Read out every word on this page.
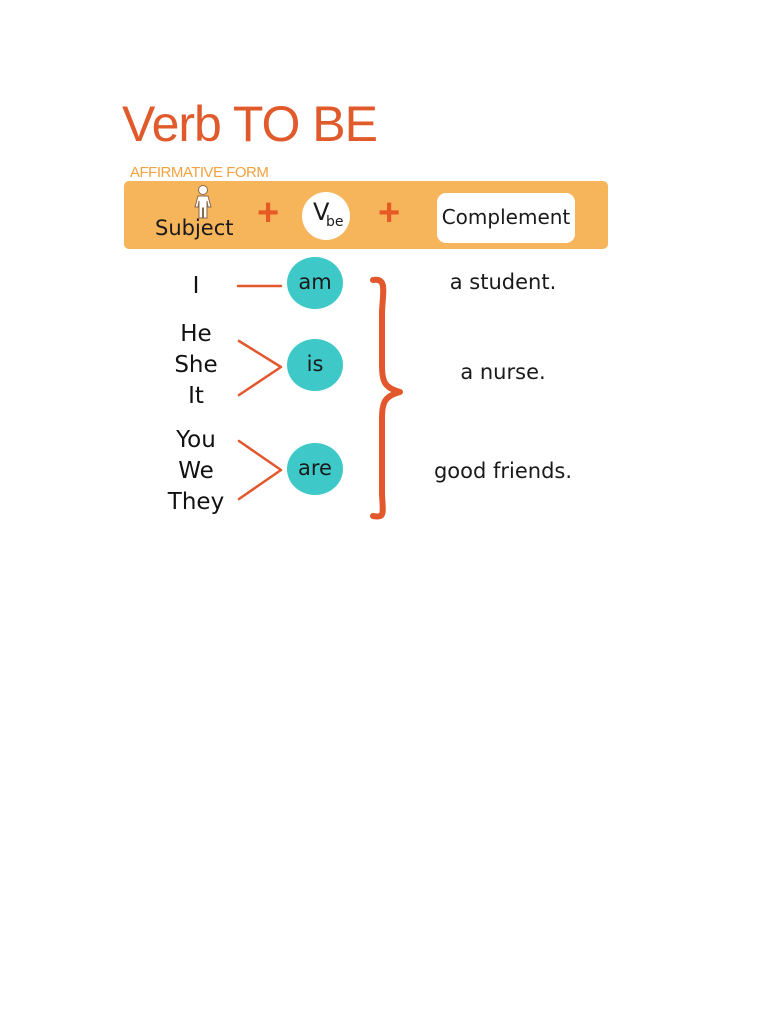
Verb TO BE
AFFIRMATIVE FORM
Subject + V
be + Complement
I
He
She
It
You
We
They
am
is
are
a student.
a nurse.
good friends.
